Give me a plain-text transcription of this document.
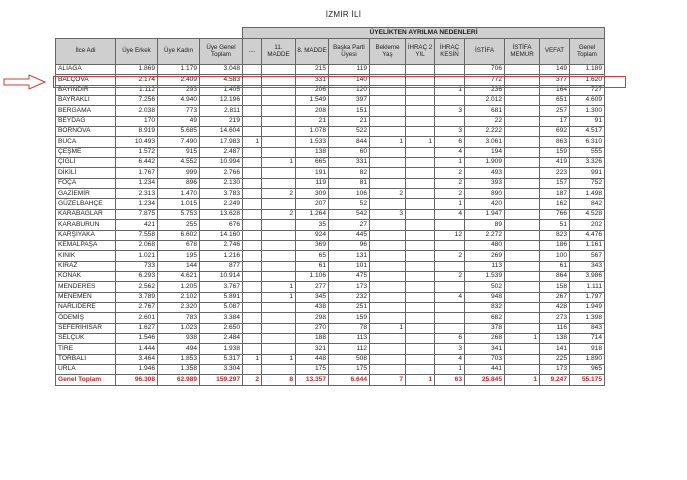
İZMİR İLİ
				ÜYELİKTEN AYRILMA NEDENLERİ										
İlce Adi	Üye Erkek	Üye Kadın	Üye Genel Toplam	....	11. MADDE	8. MADDE	Başka Parti Üyesi	Bekleme Yaş	İHRAÇ 2 YIL	İHRAÇ KESİN	İSTİFA	İSTİFA MEMUR	VEFAT	Genel Toplam
ALIAĞA	1.869	1.179	3.048			215	119				706		149	1.189
BALÇOVA	2.174	2.409	4.583			331	140				772		377	1.620
BAYINDIR	1.112	293	1.405			206	120			1	236		164	727
BAYRAKLI	7.256	4.940	12.196			1.549	397				2.012		651	4.609
BERGAMA	2.038	773	2.811			208	151			3	681		257	1.300
BEYDAĞ	170	49	219			21	21				22		17	91
BORNOVA	8.919	5.685	14.604			1.078	522			3	2.222		692	4.517
BUCA	10.493	7.490	17.983	1		1.533	844	1	1	6	3.061		863	6.310
ÇEŞME	1.572	915	2.487			138	60			4	194		159	555
ÇİĞLİ	6.442	4.552	10.994		1	665	331			1	1.909		419	3.326
DİKİLİ	1.767	999	2.766			191	82			2	493		223	991
FOÇA	1.234	896	2.130			119	81			2	393		157	752
GAZİEMİR	2.313	1.470	3.783		2	309	106	2		2	890		187	1.498
GÜZELBAHÇE	1.234	1.015	2.249			207	52			1	420		162	842
KARABAĞLAR	7.875	5.753	13.628		2	1.264	542	3		4	1.947		766	4.528
KARABURUN	421	255	676			35	27				89		51	202
KARŞIYAKA	7.558	6.602	14.160			924	445			12	2.272		823	4.476
KEMALPAŞA	2.068	678	2.746			369	96				480		186	1.161
KINIK	1.021	195	1.216			65	131			2	269		100	567
KİRAZ	733	144	877			61	101				113		61	343
KONAK	6.293	4.621	10.914			1.106	475			2	1.539		864	3.986
MENDERES	2.562	1.205	3.767		1	277	173				502		158	1.111
MENEMEN	3.789	2.102	5.891		1	345	232			4	948		267	1.797
NARLIDERE	2.767	2.320	5.087			438	251				832		428	1.949
ÖDEMİŞ	2.601	783	3.384			298	159				682		273	1.398
SEFERİHİSAR	1.627	1.023	2.650			270	78	1			378		116	843
SELÇUK	1.546	938	2.484			188	113			6	268	1	138	714
TİRE	1.444	494	1.938			321	112			3	341		141	918
TORBALI	3.464	1.853	5.317	1	1	448	508			4	703		225	1.890
URLA	1.946	1.358	3.304			175	175			1	441		173	965
Genel Toplam	96.308	62.989	159.297	2	8	13.357	6.644	7	1	63	25.845	1	9.247	55.175
